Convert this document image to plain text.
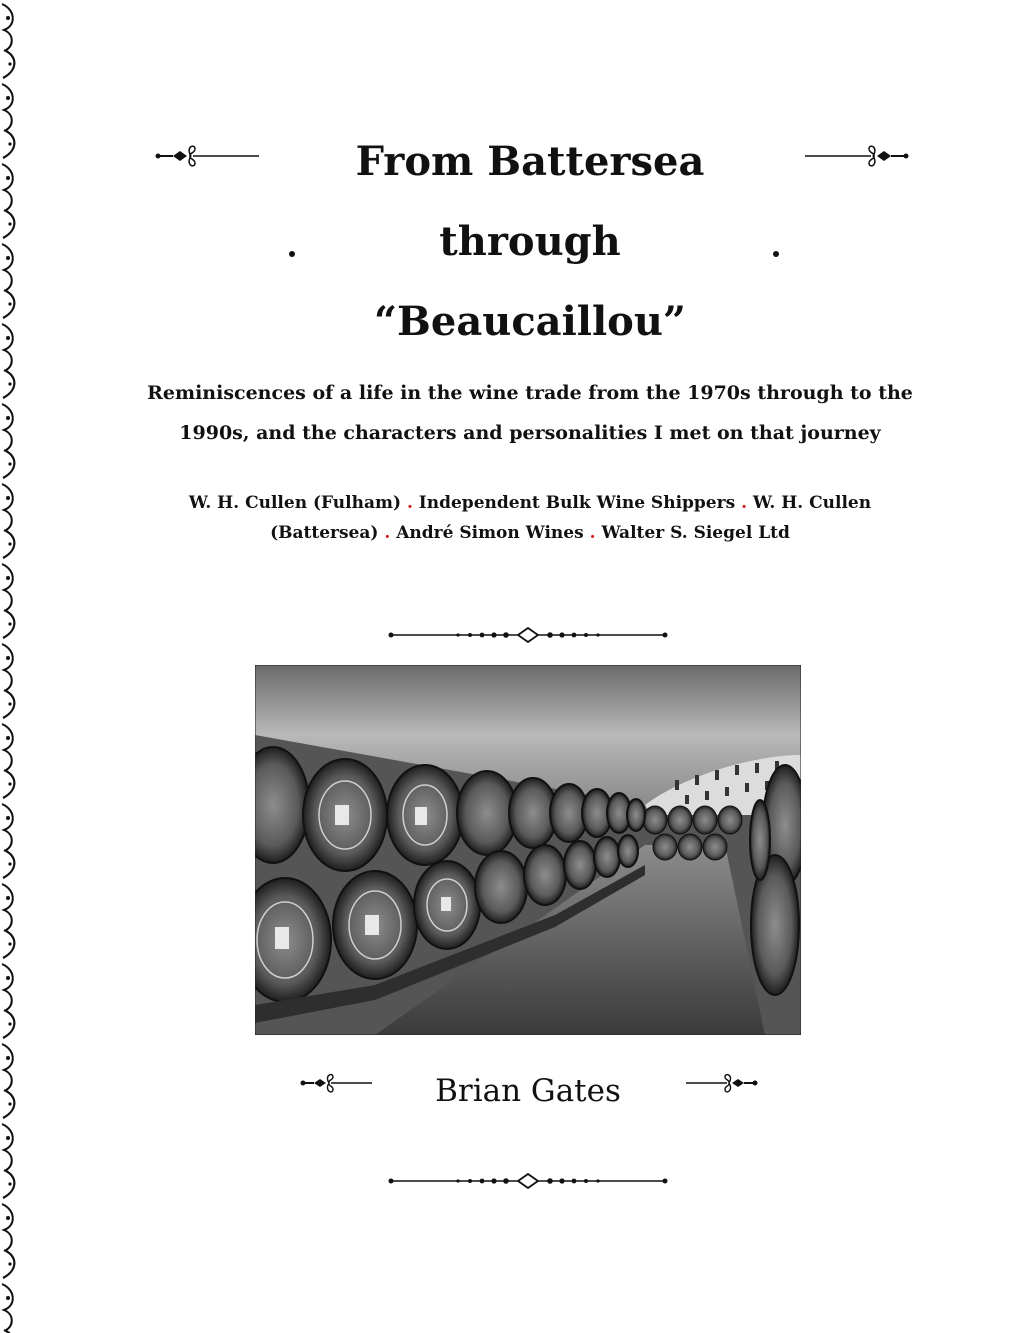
From Battersea
through
“Beaucaillou”

Reminiscences of a life in the wine trade from the 1970s through to the 1990s, and the characters and personalities I met on that journey

W. H. Cullen (Fulham) . Independent Bulk Wine Shippers . W. H. Cullen (Battersea) . André Simon Wines . Walter S. Siegel Ltd

Brian Gates
